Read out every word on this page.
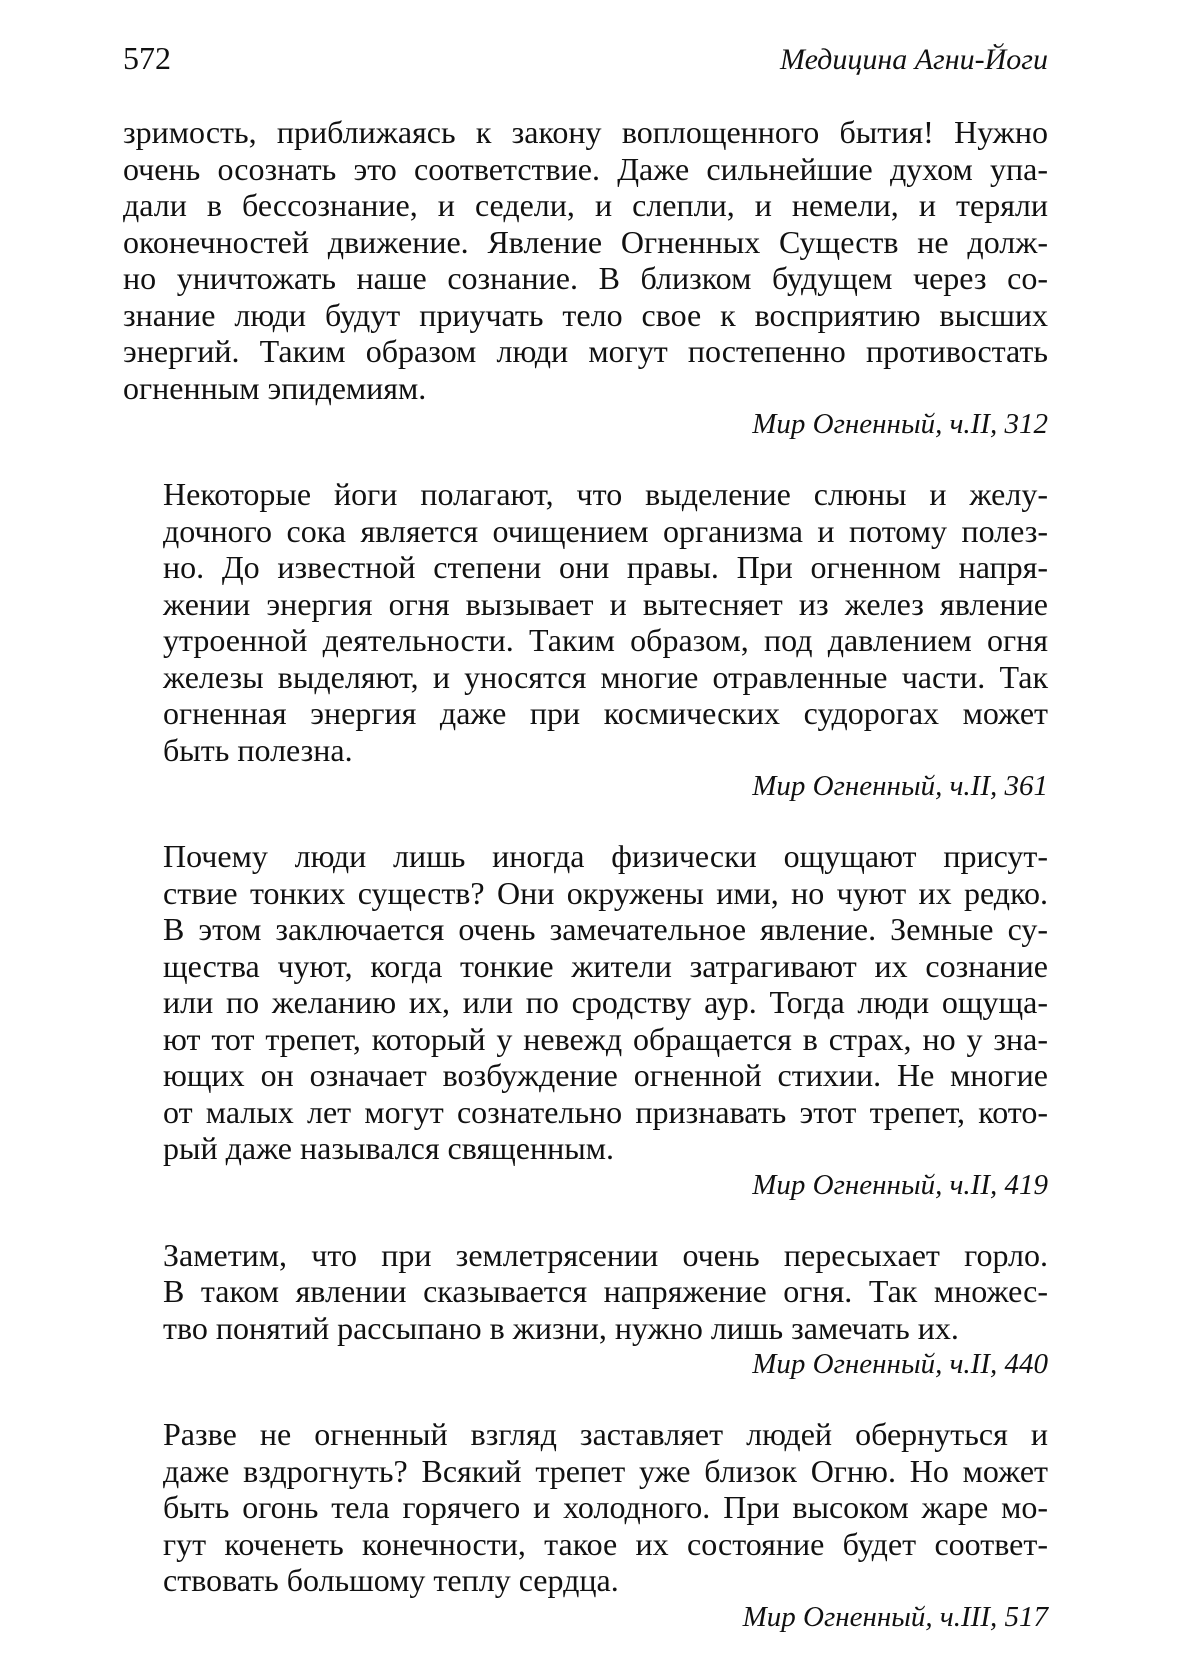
572	Медицина Агни-Йоги
зримость, приближаясь к закону воплощенного бытия! Нужно
очень осознать это соответствие. Даже сильнейшие духом упа-
дали в бессознание, и седели, и слепли, и немели, и теряли
оконечностей движение. Явление Огненных Существ не долж-
но уничтожать наше сознание. В близком будущем через со-
знание люди будут приучать тело свое к восприятию высших
энергий. Таким образом люди могут постепенно противостать
огненным эпидемиям.
Мир Огненный, ч.II, 312
Некоторые йоги полагают, что выделение слюны и желу-
дочного сока является очищением организма и потому полез-
но. До известной степени они правы. При огненном напря-
жении энергия огня вызывает и вытесняет из желез явление
утроенной деятельности. Таким образом, под давлением огня
железы выделяют, и уносятся многие отравленные части. Так
огненная энергия даже при космических судорогах может
быть полезна.
Мир Огненный, ч.II, 361
Почему люди лишь иногда физически ощущают присут-
ствие тонких существ? Они окружены ими, но чуют их редко.
В этом заключается очень замечательное явление. Земные су-
щества чуют, когда тонкие жители затрагивают их сознание
или по желанию их, или по сродству аур. Тогда люди ощуща-
ют тот трепет, который у невежд обращается в страх, но у зна-
ющих он означает возбуждение огненной стихии. Не многие
от малых лет могут сознательно признавать этот трепет, кото-
рый даже назывался священным.
Мир Огненный, ч.II, 419
Заметим, что при землетрясении очень пересыхает горло.
В таком явлении сказывается напряжение огня. Так множес-
тво понятий рассыпано в жизни, нужно лишь замечать их.
Мир Огненный, ч.II, 440
Разве не огненный взгляд заставляет людей обернуться и
даже вздрогнуть? Всякий трепет уже близок Огню. Но может
быть огонь тела горячего и холодного. При высоком жаре мо-
гут коченеть конечности, такое их состояние будет соответ-
ствовать большому теплу сердца.
Мир Огненный, ч.III, 517
